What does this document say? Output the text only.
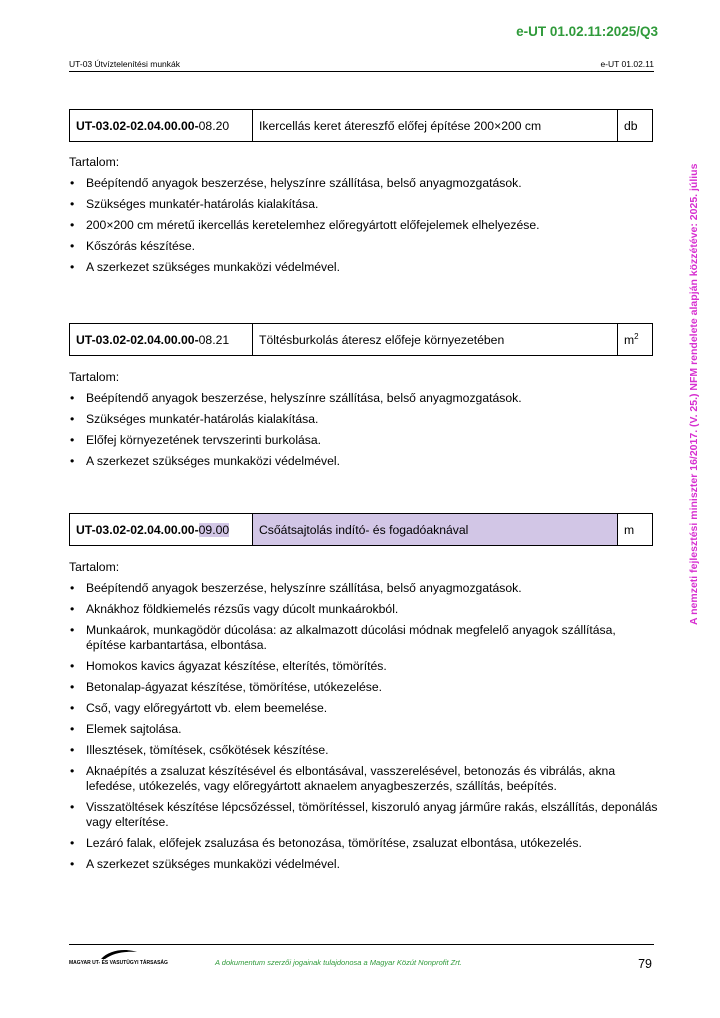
e-UT 01.02.11:2025/Q3
UT-03 Útvíztelenítési munkák	e-UT 01.02.11
A nemzeti fejlesztési miniszter 16/2017. (V. 25.) NFM rendelete alapján közzétéve: 2025. július
UT-03.02-02.04.00.00-08.20	Ikercellás keret átereszfő előfej építése 200×200 cm	db

Tartalom:

• Beépítendő anyagok beszerzése, helyszínre szállítása, belső anyagmozgatások.
• Szükséges munkatér-határolás kialakítása.
• 200×200 cm méretű ikercellás keretelemhez előregyártott előfejelemek elhelyezése.
• Kőszórás készítése.
• A szerkezet szükséges munkaközi védelmével.
UT-03.02-02.04.00.00-08.21	Töltésburkolás áteresz előfeje környezetében	$m^2$

Tartalom:

• Beépítendő anyagok beszerzése, helyszínre szállítása, belső anyagmozgatások.
• Szükséges munkatér-határolás kialakítása.
• Előfej környezetének tervszerinti burkolása.
• A szerkezet szükséges munkaközi védelmével.
UT-03.02-02.04.00.00-09.00	Csőátsajtolás indító- és fogadóaknával	m

Tartalom:

• Beépítendő anyagok beszerzése, helyszínre szállítása, belső anyagmozgatások.
• Aknákhoz földkiemelés rézsűs vagy dúcolt munkaárokból.
• Munkaárok, munkagödör dúcolása: az alkalmazott dúcolási módnak megfelelő anyagok szállítása, építése karbantartása, elbontása.
• Homokos kavics ágyazat készítése, elterítés, tömörítés.
• Betonalap-ágyazat készítése, tömörítése, utókezelése.
• Cső, vagy előregyártott vb. elem beemelése.
• Elemek sajtolása.
• Illesztések, tömítések, csőkötések készítése.
• Aknaépítés a zsaluzat készítésével és elbontásával, vasszerelésével, betonozás és vibrálás, akna lefedése, utókezelés, vagy előregyártott aknaelem anyagbeszerzés, szállítás, beépítés.
• Visszatöltések készítése lépcsőzéssel, tömörítéssel, kiszoruló anyag járműre rakás, elszállítás, deponálás vagy elterítése.
• Lezáró falak, előfejek zsaluzása és betonozása, tömörítése, zsaluzat elbontása, utókezelés.
• A szerkezet szükséges munkaközi védelmével.
MAGYAR UT- ÉS VASUTÜGYI TÁRSASÁG	A dokumentum szerzői jogainak tulajdonosa a Magyar Közút Nonprofit Zrt.	79
